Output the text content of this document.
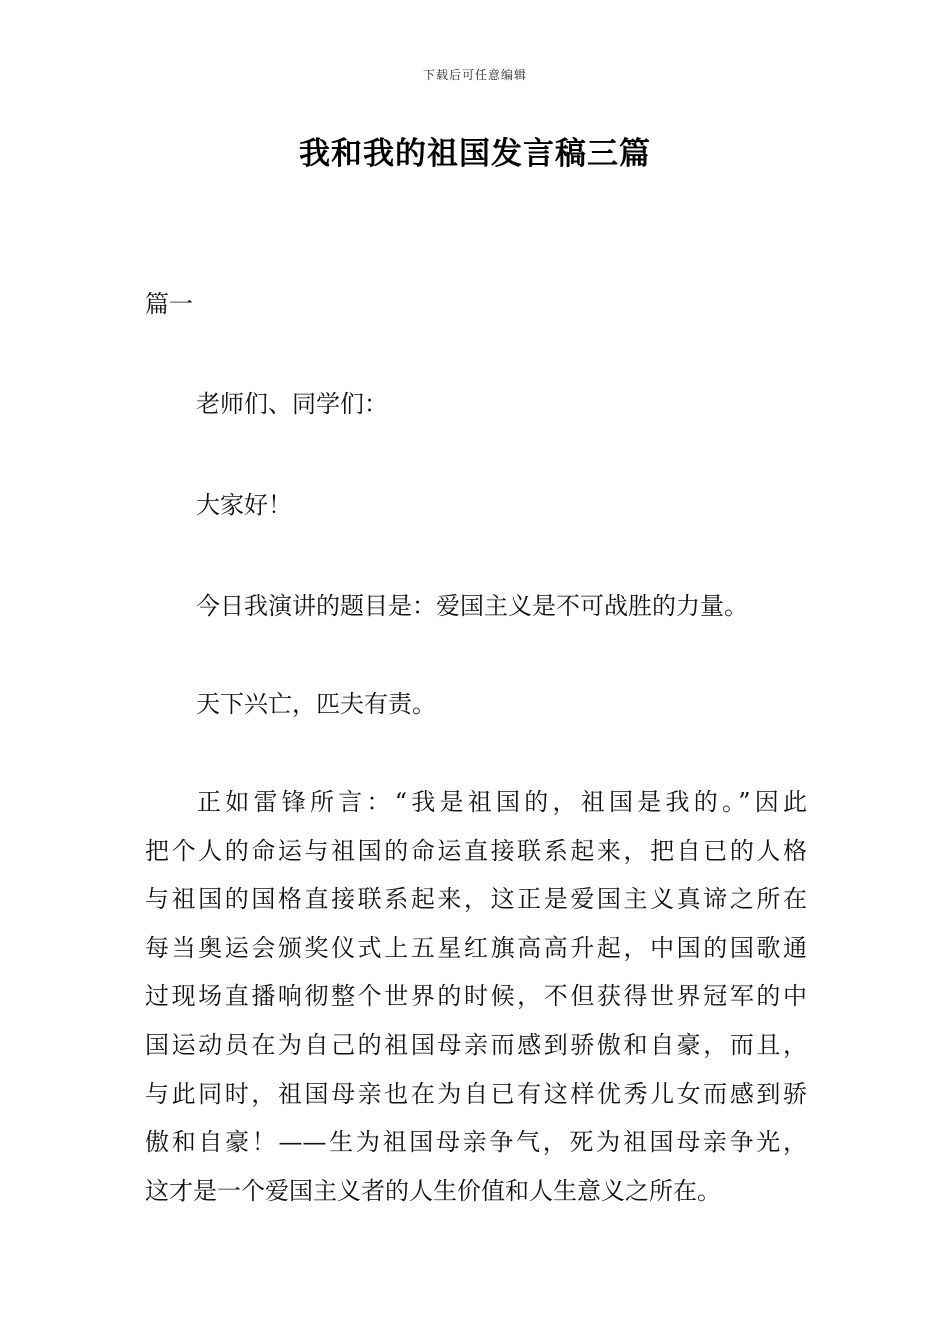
下载后可任意编辑
我和我的祖国发言稿三篇
篇一
老师们、同学们：
大家好！
今日我演讲的题目是：爱国主义是不可战胜的力量。
天下兴亡，匹夫有责。
正如雷锋所言：“我是祖国的，祖国是我的。”因此
把个人的命运与祖国的命运直接联系起来，把自已的人格
与祖国的国格直接联系起来，这正是爱国主义真谛之所在
每当奥运会颁奖仪式上五星红旗高高升起，中国的国歌通
过现场直播响彻整个世界的时候，不但获得世界冠军的中
国运动员在为自己的祖国母亲而感到骄傲和自豪，而且，
与此同时，祖国母亲也在为自已有这样优秀儿女而感到骄
傲和自豪！——生为祖国母亲争气，死为祖国母亲争光，
这才是一个爱国主义者的人生价值和人生意义之所在。
